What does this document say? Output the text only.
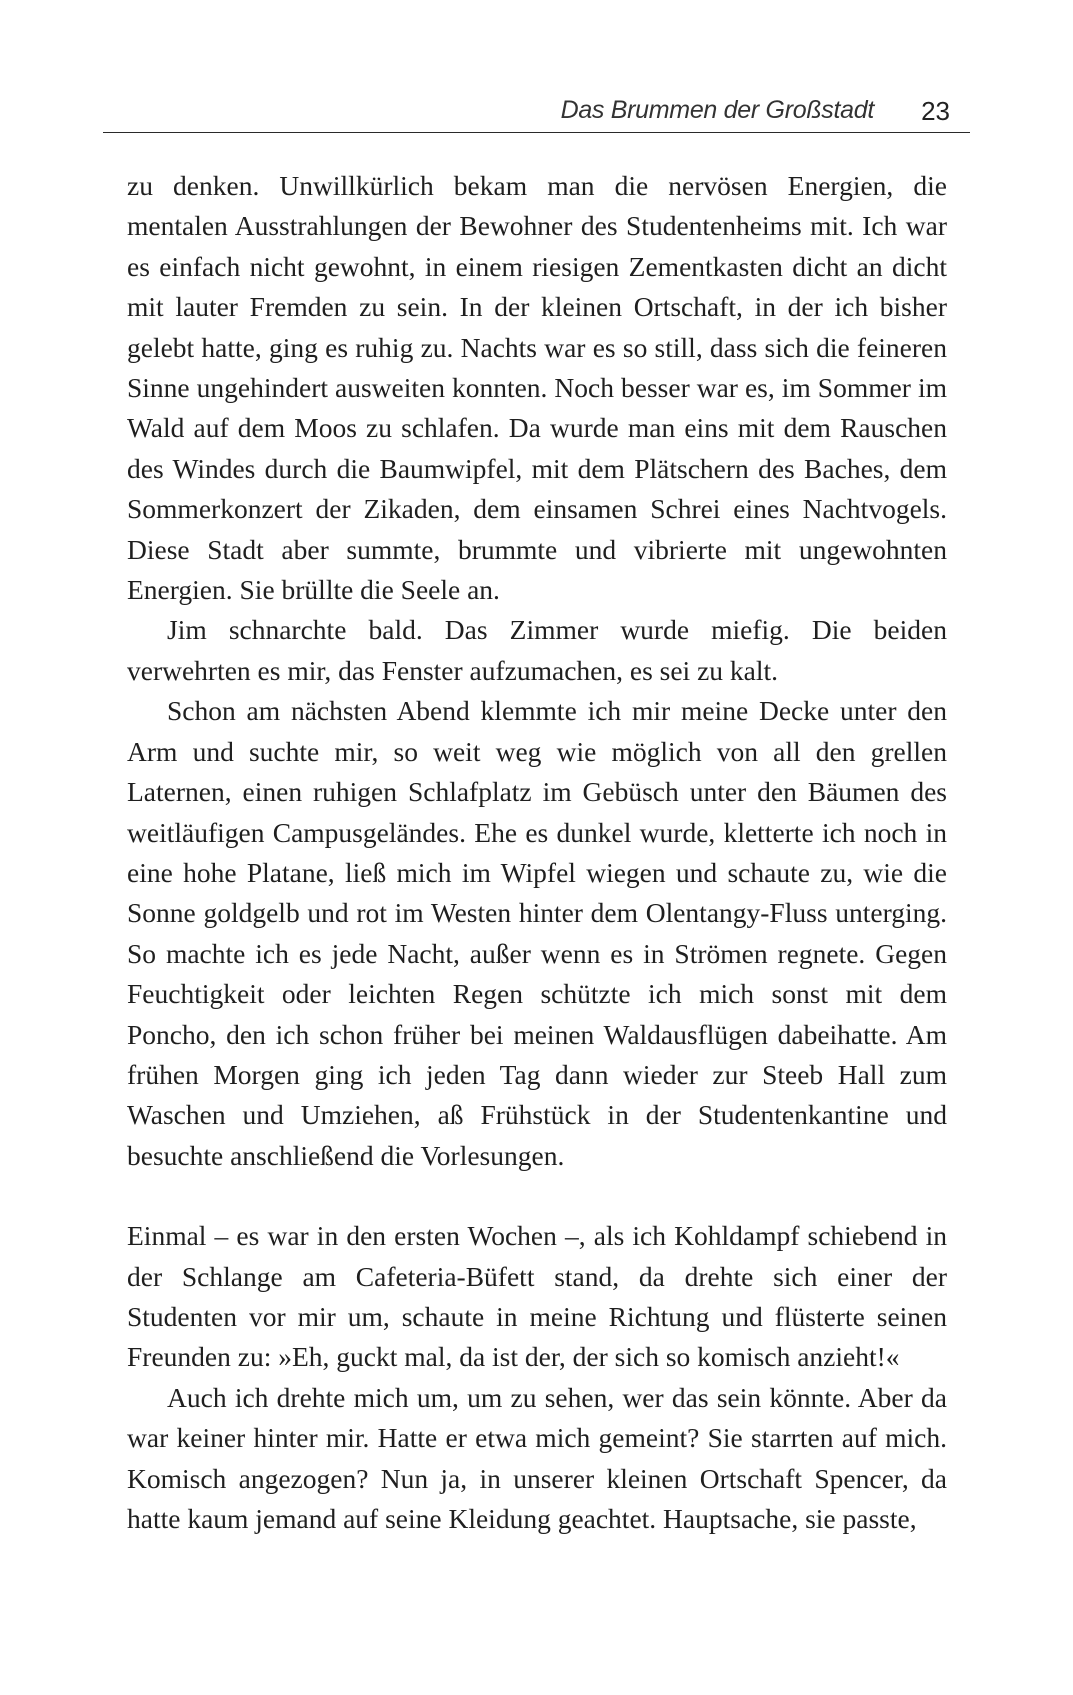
Das Brummen der Großstadt 23

zu denken. Unwillkürlich bekam man die nervösen Energien, die mentalen Ausstrahlungen der Bewohner des Studentenheims mit. Ich war es einfach nicht gewohnt, in einem riesigen Zementkasten dicht an dicht mit lauter Fremden zu sein. In der kleinen Ortschaft, in der ich bisher gelebt hatte, ging es ruhig zu. Nachts war es so still, dass sich die feineren Sinne ungehindert ausweiten konnten. Noch besser war es, im Sommer im Wald auf dem Moos zu schlafen. Da wurde man eins mit dem Rauschen des Windes durch die Baumwipfel, mit dem Plätschern des Baches, dem Sommerkonzert der Zikaden, dem einsamen Schrei eines Nachtvogels. Diese Stadt aber summte, brummte und vibrierte mit ungewohnten Energien. Sie brüllte die Seele an.

Jim schnarchte bald. Das Zimmer wurde miefig. Die beiden verwehrten es mir, das Fenster aufzumachen, es sei zu kalt.

Schon am nächsten Abend klemmte ich mir meine Decke unter den Arm und suchte mir, so weit weg wie möglich von all den grellen Laternen, einen ruhigen Schlafplatz im Gebüsch unter den Bäumen des weitläufigen Campusgeländes. Ehe es dunkel wurde, kletterte ich noch in eine hohe Platane, ließ mich im Wipfel wiegen und schaute zu, wie die Sonne goldgelb und rot im Westen hinter dem Olentangy-Fluss unterging. So machte ich es jede Nacht, außer wenn es in Strömen regnete. Gegen Feuchtigkeit oder leichten Regen schützte ich mich sonst mit dem Poncho, den ich schon früher bei meinen Waldausflügen dabeihatte. Am frühen Morgen ging ich jeden Tag dann wieder zur Steeb Hall zum Waschen und Umziehen, aß Frühstück in der Studentenkantine und besuchte anschließend die Vorlesungen.

Einmal – es war in den ersten Wochen –, als ich Kohldampf schiebend in der Schlange am Cafeteria-Büfett stand, da drehte sich einer der Studenten vor mir um, schaute in meine Richtung und flüsterte seinen Freunden zu: »Eh, guckt mal, da ist der, der sich so komisch anzieht!«

Auch ich drehte mich um, um zu sehen, wer das sein könnte. Aber da war keiner hinter mir. Hatte er etwa mich gemeint? Sie starrten auf mich. Komisch angezogen? Nun ja, in unserer kleinen Ortschaft Spencer, da hatte kaum jemand auf seine Kleidung geachtet. Hauptsache, sie passte,
